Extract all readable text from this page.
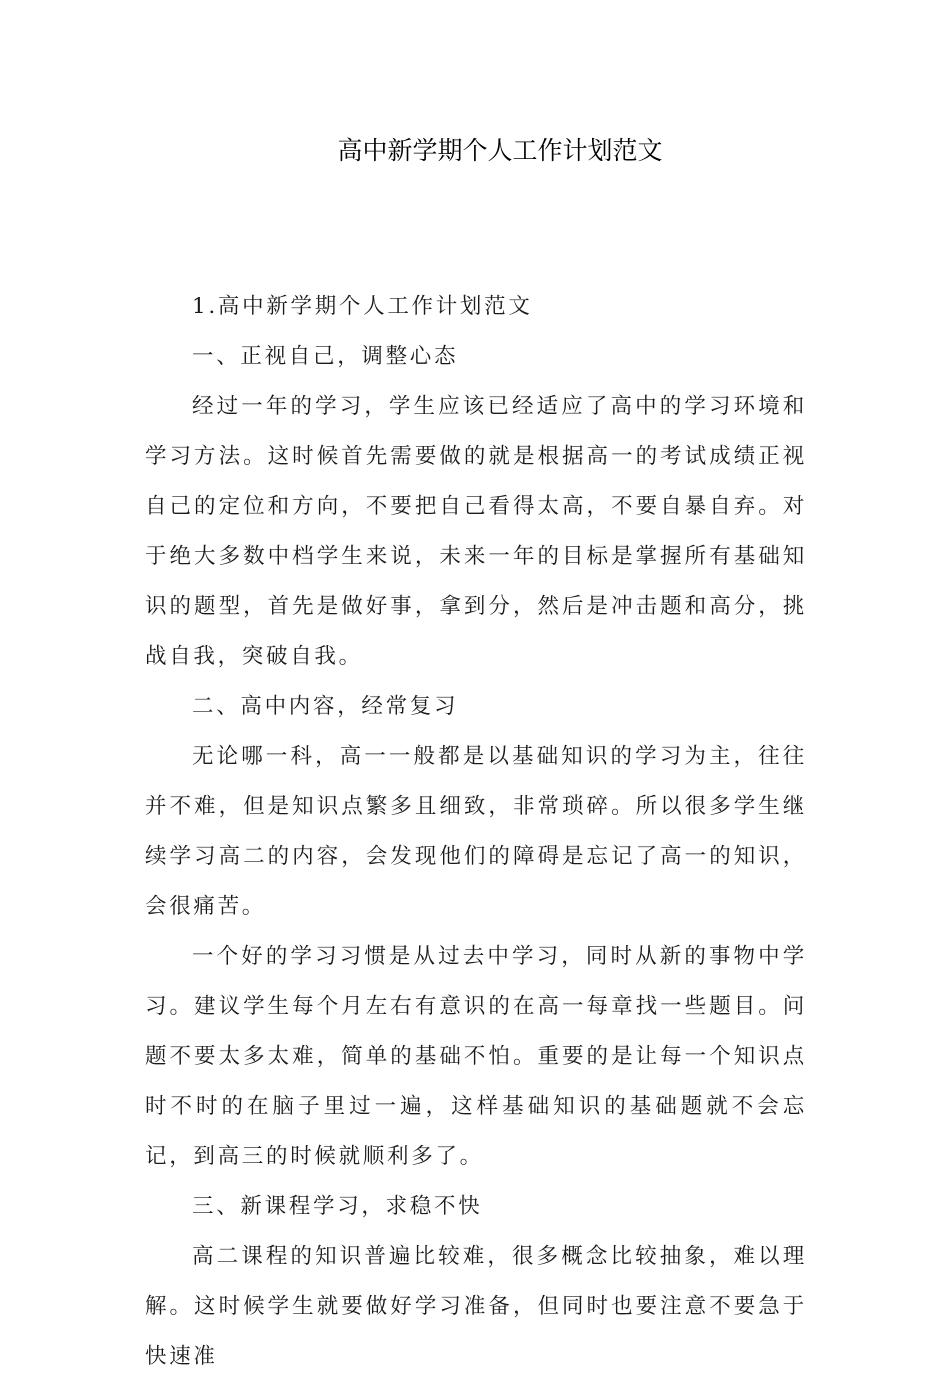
高中新学期个人工作计划范文

1.高中新学期个人工作计划范文

一、正视自己，调整心态

经过一年的学习，学生应该已经适应了高中的学习环境和学习方法。这时候首先需要做的就是根据高一的考试成绩正视自己的定位和方向，不要把自己看得太高，不要自暴自弃。对于绝大多数中档学生来说，未来一年的目标是掌握所有基础知识的题型，首先是做好事，拿到分，然后是冲击题和高分，挑战自我，突破自我。

二、高中内容，经常复习

无论哪一科，高一一般都是以基础知识的学习为主，往往并不难，但是知识点繁多且细致，非常琐碎。所以很多学生继续学习高二的内容，会发现他们的障碍是忘记了高一的知识，会很痛苦。

一个好的学习习惯是从过去中学习，同时从新的事物中学习。建议学生每个月左右有意识的在高一每章找一些题目。问题不要太多太难，简单的基础不怕。重要的是让每一个知识点时不时的在脑子里过一遍，这样基础知识的基础题就不会忘记，到高三的时候就顺利多了。

三、新课程学习，求稳不快

高二课程的知识普遍比较难，很多概念比较抽象，难以理解。这时候学生就要做好学习准备，但同时也要注意不要急于快速准
